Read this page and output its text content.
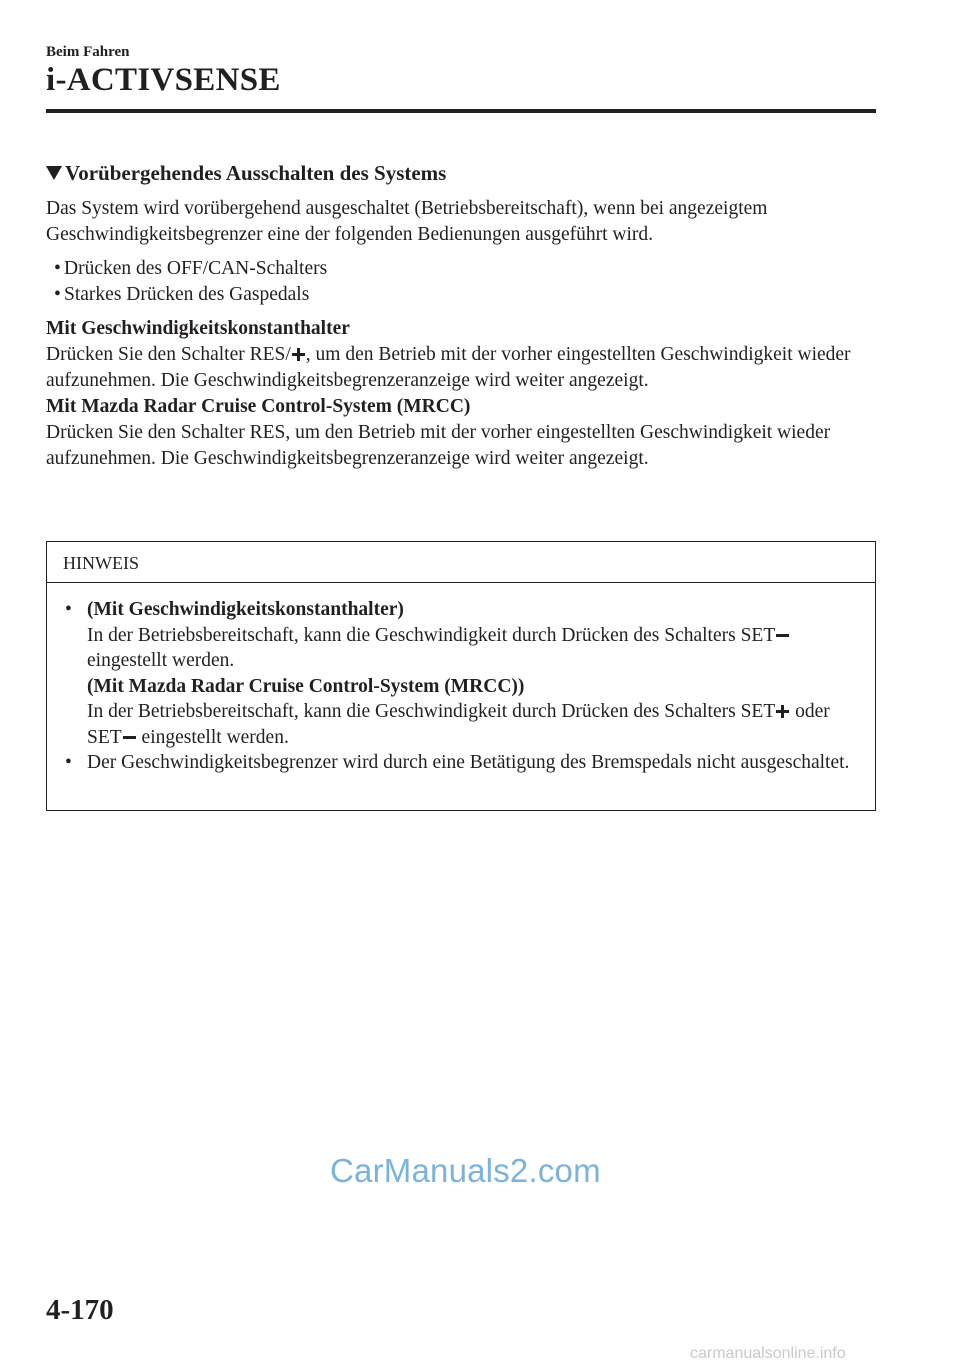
Beim Fahren
i-ACTIVSENSE
Vorübergehendes Ausschalten des Systems

Das System wird vorübergehend ausgeschaltet (Betriebsbereitschaft), wenn bei angezeigtem Geschwindigkeitsbegrenzer eine der folgenden Bedienungen ausgeführt wird.

• Drücken des OFF/CAN-Schalters
• Starkes Drücken des Gaspedals
Mit Geschwindigkeitskonstanthalter
Drücken Sie den Schalter RES/ , um den Betrieb mit der vorher eingestellten Geschwindigkeit wieder aufzunehmen. Die Geschwindigkeitsbegrenzeranzeige wird weiter angezeigt.
Mit Mazda Radar Cruise Control-System (MRCC)
Drücken Sie den Schalter RES, um den Betrieb mit der vorher eingestellten Geschwindigkeit wieder aufzunehmen. Die Geschwindigkeitsbegrenzeranzeige wird weiter angezeigt.
HINWEIS
• (Mit Geschwindigkeitskonstanthalter)
In der Betriebsbereitschaft, kann die Geschwindigkeit durch Drücken des Schalters SET eingestellt werden.
(Mit Mazda Radar Cruise Control-System (MRCC))
In der Betriebsbereitschaft, kann die Geschwindigkeit durch Drücken des Schalters SET oder SET eingestellt werden.
• Der Geschwindigkeitsbegrenzer wird durch eine Betätigung des Bremspedals nicht ausgeschaltet.
CarManuals2.com
4-170
carmanualsonline.info
